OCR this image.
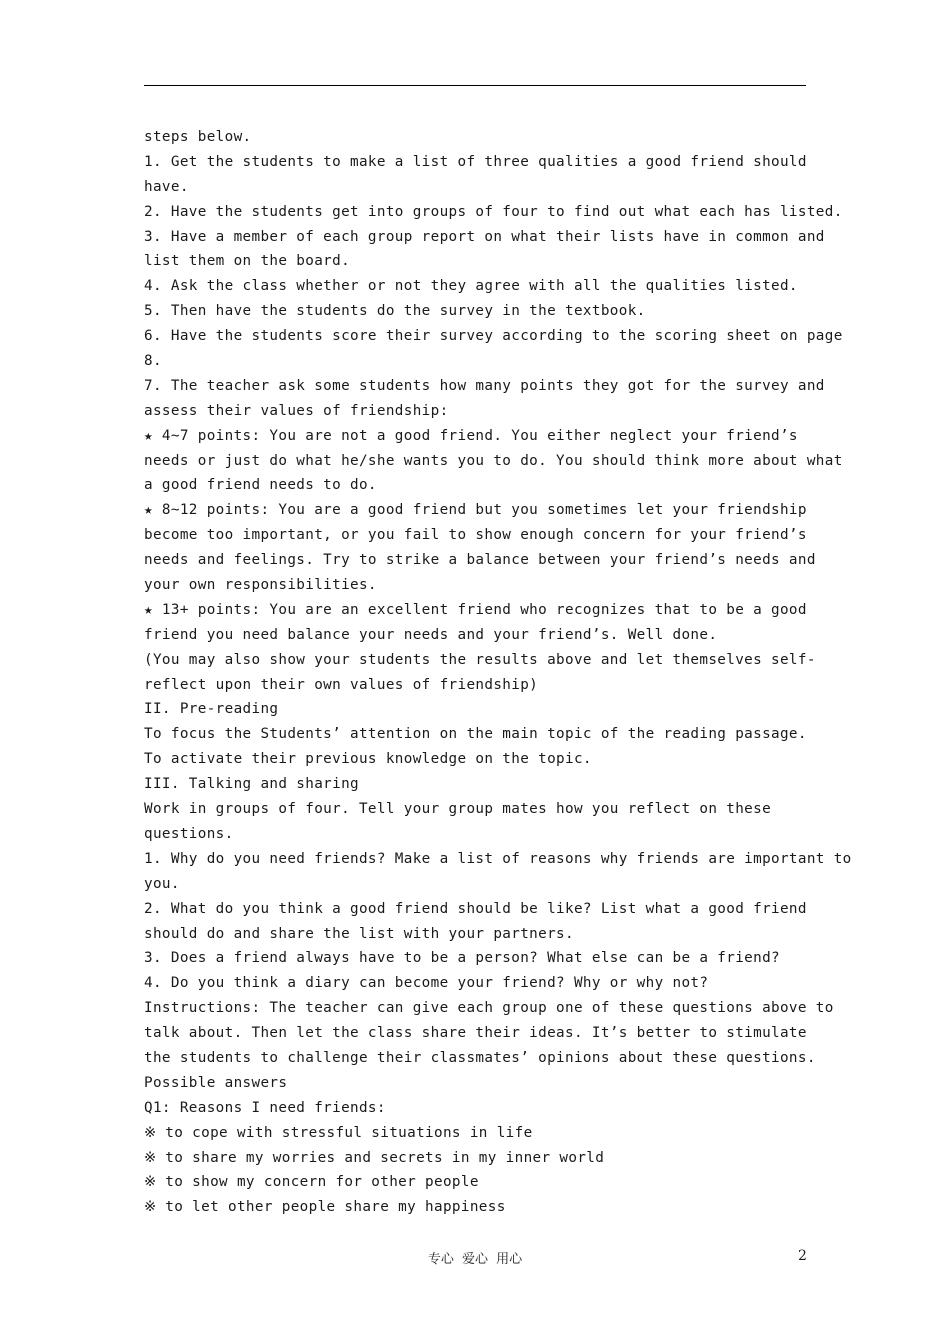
steps below.
1. Get the students to make a list of three qualities a good friend should
have.
2. Have the students get into groups of four to find out what each has listed.
3. Have a member of each group report on what their lists have in common and
list them on the board.
4. Ask the class whether or not they agree with all the qualities listed.
5. Then have the students do the survey in the textbook.
6. Have the students score their survey according to the scoring sheet on page
8.
7. The teacher ask some students how many points they got for the survey and
assess their values of friendship:
★ 4~7 points: You are not a good friend. You either neglect your friend’s
needs or just do what he/she wants you to do. You should think more about what
a good friend needs to do.
★ 8~12 points: You are a good friend but you sometimes let your friendship
become too important, or you fail to show enough concern for your friend’s
needs and feelings. Try to strike a balance between your friend’s needs and
your own responsibilities.
★ 13+ points: You are an excellent friend who recognizes that to be a good
friend you need balance your needs and your friend’s. Well done.
(You may also show your students the results above and let themselves self-
reflect upon their own values of friendship)
II. Pre-reading
To focus the Students’ attention on the main topic of the reading passage.
To activate their previous knowledge on the topic.
III. Talking and sharing
Work in groups of four. Tell your group mates how you reflect on these
questions.
1. Why do you need friends? Make a list of reasons why friends are important to
you.
2. What do you think a good friend should be like? List what a good friend
should do and share the list with your partners.
3. Does a friend always have to be a person? What else can be a friend?
4. Do you think a diary can become your friend? Why or why not?
Instructions: The teacher can give each group one of these questions above to
talk about. Then let the class share their ideas. It’s better to stimulate
the students to challenge their classmates’ opinions about these questions.
Possible answers
Q1: Reasons I need friends:
※ to cope with stressful situations in life
※ to share my worries and secrets in my inner world
※ to show my concern for other people
※ to let other people share my happiness
专心 爱心 用心	2
